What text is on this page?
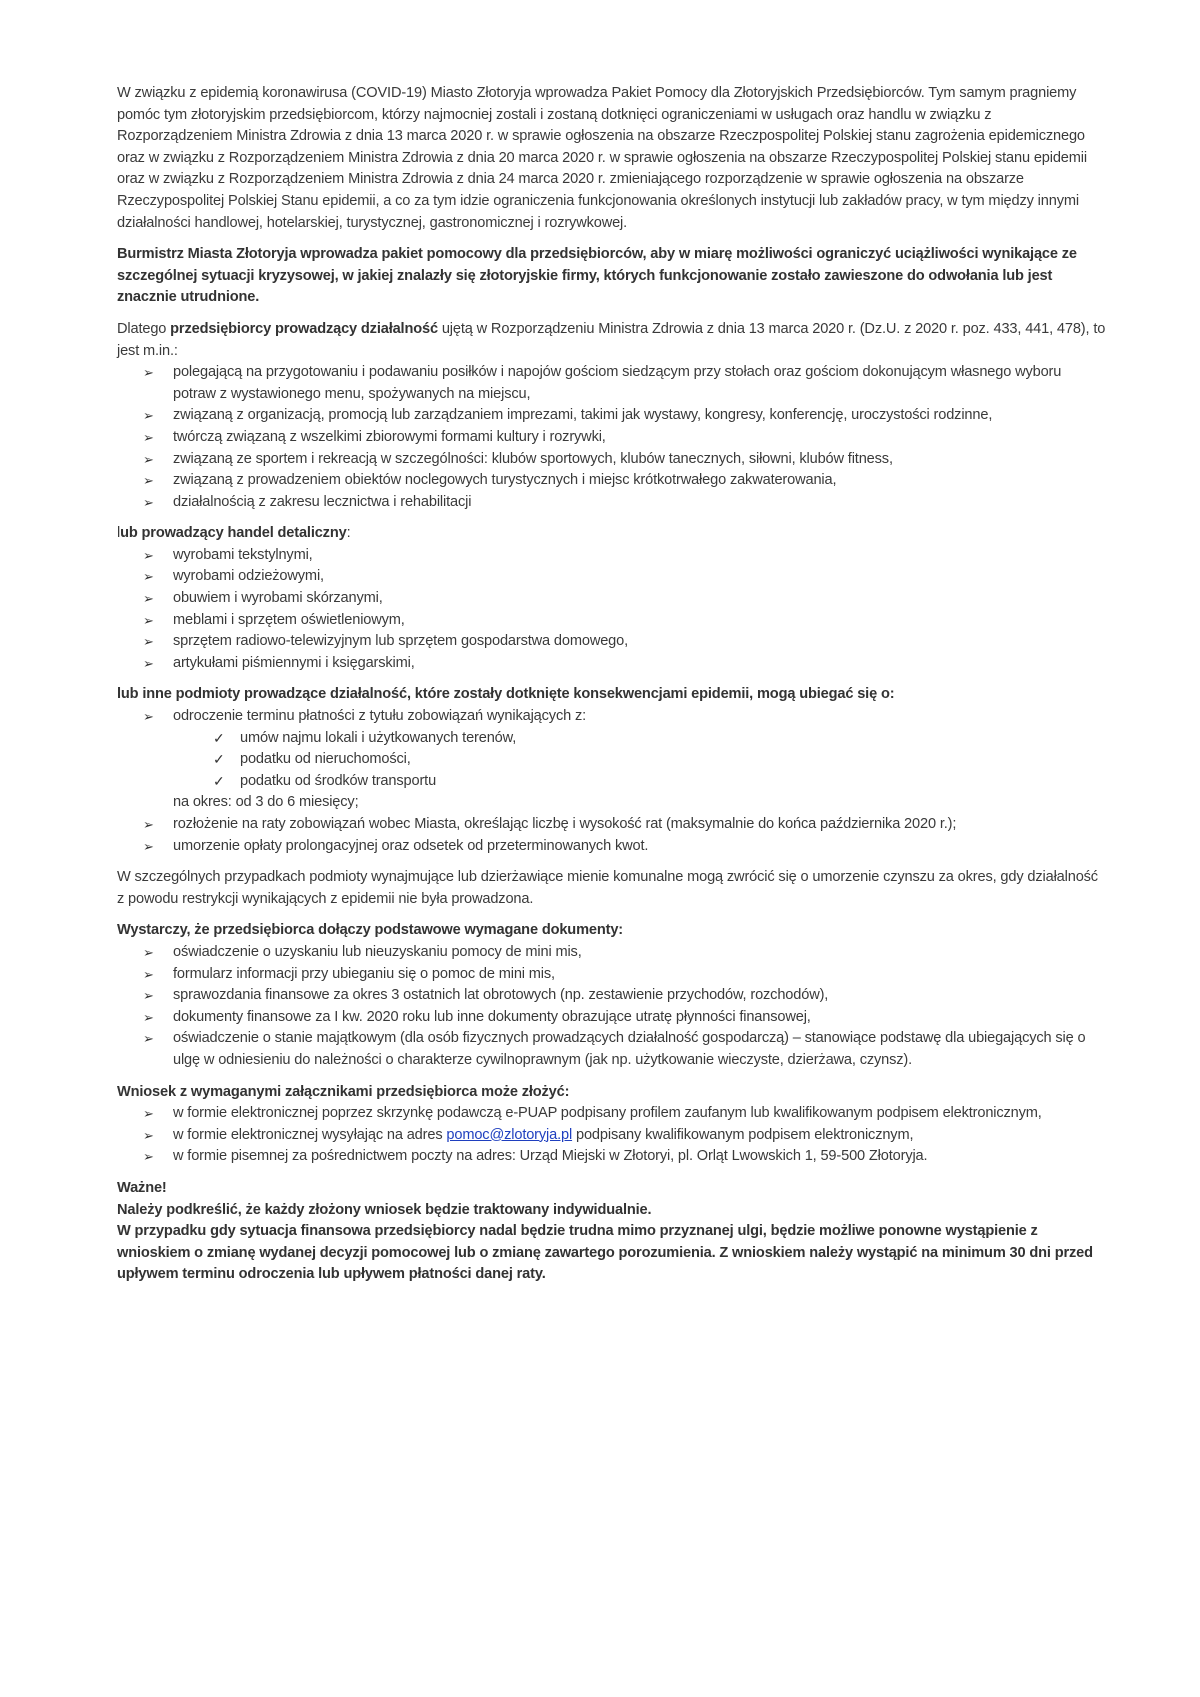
W związku z epidemią koronawirusa (COVID-19) Miasto Złotoryja wprowadza Pakiet Pomocy dla Złotoryjskich Przedsiębiorców. Tym samym pragniemy pomóc tym złotoryjskim przedsiębiorcom, którzy najmocniej zostali i zostaną dotknięci ograniczeniami w usługach oraz handlu w związku z Rozporządzeniem Ministra Zdrowia z dnia 13 marca 2020 r. w sprawie ogłoszenia na obszarze Rzeczpospolitej Polskiej stanu zagrożenia epidemicznego oraz w związku z Rozporządzeniem Ministra Zdrowia z dnia 20 marca 2020 r. w sprawie ogłoszenia na obszarze Rzeczypospolitej Polskiej stanu epidemii oraz w związku z Rozporządzeniem Ministra Zdrowia z dnia 24 marca 2020 r. zmieniającego rozporządzenie w sprawie ogłoszenia na obszarze Rzeczypospolitej Polskiej Stanu epidemii, a co za tym idzie ograniczenia funkcjonowania określonych instytucji lub zakładów pracy, w tym między innymi działalności handlowej, hotelarskiej, turystycznej, gastronomicznej i rozrywkowej.

Burmistrz Miasta Złotoryja wprowadza pakiet pomocowy dla przedsiębiorców, aby w miarę możliwości ograniczyć uciążliwości wynikające ze szczególnej sytuacji kryzysowej, w jakiej znalazły się złotoryjskie firmy, których funkcjonowanie zostało zawieszone do odwołania lub jest znacznie utrudnione.

Dlatego przedsiębiorcy prowadzący działalność ujętą w Rozporządzeniu Ministra Zdrowia z dnia 13 marca 2020 r. (Dz.U. z 2020 r. poz. 433, 441, 478), to jest m.in.:

➢	polegającą na przygotowaniu i podawaniu posiłków i napojów gościom siedzącym przy stołach oraz gościom dokonującym własnego wyboru potraw z wystawionego menu, spożywanych na miejscu,
➢	związaną z organizacją, promocją lub zarządzaniem imprezami, takimi jak wystawy, kongresy, konferencję, uroczystości rodzinne,
➢	twórczą związaną z wszelkimi zbiorowymi formami kultury i rozrywki,
➢	związaną ze sportem i rekreacją w szczególności: klubów sportowych, klubów tanecznych, siłowni, klubów fitness,
➢	związaną z prowadzeniem obiektów noclegowych turystycznych i miejsc krótkotrwałego zakwaterowania,
➢	działalnością z zakresu lecznictwa i rehabilitacji

lub prowadzący handel detaliczny:

➢	wyrobami tekstylnymi,
➢	wyrobami odzieżowymi,
➢	obuwiem i wyrobami skórzanymi,
➢	meblami i sprzętem oświetleniowym,
➢	sprzętem radiowo-telewizyjnym lub sprzętem gospodarstwa domowego,
➢	artykułami piśmiennymi i księgarskimi,

lub inne podmioty prowadzące działalność, które zostały dotknięte konsekwencjami epidemii, mogą ubiegać się o:

➢	odroczenie terminu płatności z tytułu zobowiązań wynikających z:
✓ umów najmu lokali i użytkowanych terenów,
✓ podatku od nieruchomości,
✓ podatku od środków transportu
na okres: od 3 do 6 miesięcy;
➢	rozłożenie na raty zobowiązań wobec Miasta, określając liczbę i wysokość rat (maksymalnie do końca października 2020 r.);
➢	umorzenie opłaty prolongacyjnej oraz odsetek od przeterminowanych kwot.

W szczególnych przypadkach podmioty wynajmujące lub dzierżawiące mienie komunalne mogą zwrócić się o umorzenie czynszu za okres, gdy działalność z powodu restrykcji wynikających z epidemii nie była prowadzona.

Wystarczy, że przedsiębiorca dołączy podstawowe wymagane dokumenty:

➢	oświadczenie o uzyskaniu lub nieuzyskaniu pomocy de mini mis,
➢	formularz informacji przy ubieganiu się o pomoc de mini mis,
➢	sprawozdania finansowe za okres 3 ostatnich lat obrotowych (np. zestawienie przychodów, rozchodów),
➢	dokumenty finansowe za I kw. 2020 roku lub inne dokumenty obrazujące utratę płynności finansowej,
➢	oświadczenie o stanie majątkowym (dla osób fizycznych prowadzących działalność gospodarczą) – stanowiące podstawę dla ubiegających się o ulgę w odniesieniu do należności o charakterze cywilnoprawnym (jak np. użytkowanie wieczyste, dzierżawa, czynsz).

Wniosek z wymaganymi załącznikami przedsiębiorca może złożyć:

➢	w formie elektronicznej poprzez skrzynkę podawczą e-PUAP podpisany profilem zaufanym lub kwalifikowanym podpisem elektronicznym,
➢	w formie elektronicznej wysyłając na adres pomoc@zlotoryja.pl podpisany kwalifikowanym podpisem elektronicznym,
➢	w formie pisemnej za pośrednictwem poczty na adres: Urząd Miejski w Złotoryi, pl. Orląt Lwowskich 1, 59-500 Złotoryja.
Ważne!
Należy podkreślić, że każdy złożony wniosek będzie traktowany indywidualnie.
W przypadku gdy sytuacja finansowa przedsiębiorcy nadal będzie trudna mimo przyznanej ulgi, będzie możliwe ponowne wystąpienie z wnioskiem o zmianę wydanej decyzji pomocowej lub o zmianę zawartego porozumienia. Z wnioskiem należy wystąpić na minimum 30 dni przed upływem terminu odroczenia lub upływem płatności danej raty.
